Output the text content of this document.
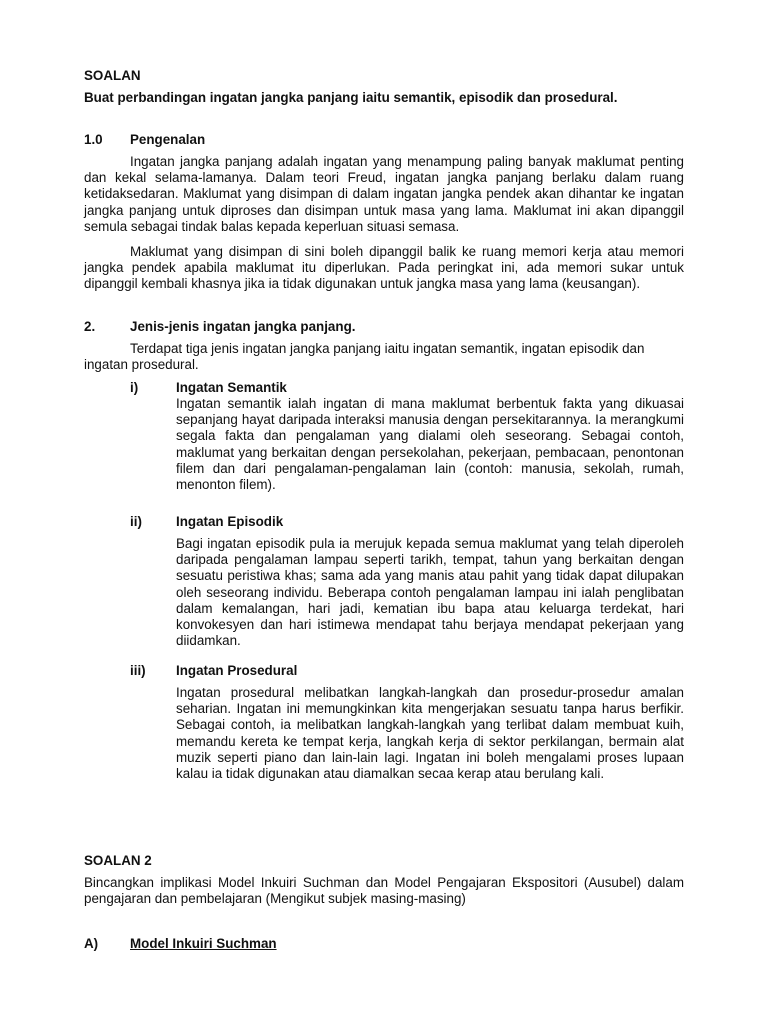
SOALAN
Buat perbandingan ingatan jangka panjang iaitu semantik, episodik dan prosedural.
1.0 Pengenalan
Ingatan jangka panjang adalah ingatan yang menampung paling banyak maklumat penting dan kekal selama-lamanya. Dalam teori Freud, ingatan jangka panjang berlaku dalam ruang ketidaksedaran. Maklumat yang disimpan di dalam ingatan jangka pendek akan dihantar ke ingatan jangka panjang untuk diproses dan disimpan untuk masa yang lama. Maklumat ini akan dipanggil semula sebagai tindak balas kepada keperluan situasi semasa.
Maklumat yang disimpan di sini boleh dipanggil balik ke ruang memori kerja atau memori jangka pendek apabila maklumat itu diperlukan. Pada peringkat ini, ada memori sukar untuk dipanggil kembali khasnya jika ia tidak digunakan untuk jangka masa yang lama (keusangan).
2.	Jenis-jenis ingatan jangka panjang.
Terdapat tiga jenis ingatan jangka panjang iaitu ingatan semantik, ingatan episodik dan ingatan prosedural.
i)	Ingatan Semantik
Ingatan semantik ialah ingatan di mana maklumat berbentuk fakta yang dikuasai sepanjang hayat daripada interaksi manusia dengan persekitarannya. Ia merangkumi segala fakta dan pengalaman yang dialami oleh seseorang. Sebagai contoh, maklumat yang berkaitan dengan persekolahan, pekerjaan, pembacaan, penontonan filem dan dari pengalaman-pengalaman lain (contoh: manusia, sekolah, rumah, menonton filem).
ii)	Ingatan Episodik
Bagi ingatan episodik pula ia merujuk kepada semua maklumat yang telah diperoleh daripada pengalaman lampau seperti tarikh, tempat, tahun yang berkaitan dengan sesuatu peristiwa khas; sama ada yang manis atau pahit yang tidak dapat dilupakan oleh seseorang individu. Beberapa contoh pengalaman lampau ini ialah penglibatan dalam kemalangan, hari jadi, kematian ibu bapa atau keluarga terdekat, hari konvokesyen dan hari istimewa mendapat tahu berjaya mendapat pekerjaan yang diidamkan.
iii) Ingatan Prosedural
Ingatan prosedural melibatkan langkah-langkah dan prosedur-prosedur amalan seharian. Ingatan ini memungkinkan kita mengerjakan sesuatu tanpa harus berfikir. Sebagai contoh, ia melibatkan langkah-langkah yang terlibat dalam membuat kuih, memandu kereta ke tempat kerja, langkah kerja di sektor perkilangan, bermain alat muzik seperti piano dan lain-lain lagi. Ingatan ini boleh mengalami proses lupaan kalau ia tidak digunakan atau diamalkan secaa kerap atau berulang kali.
SOALAN 2
Bincangkan implikasi Model Inkuiri Suchman dan Model Pengajaran Ekspositori (Ausubel) dalam pengajaran dan pembelajaran (Mengikut subjek masing-masing)
A) Model Inkuiri Suchman
